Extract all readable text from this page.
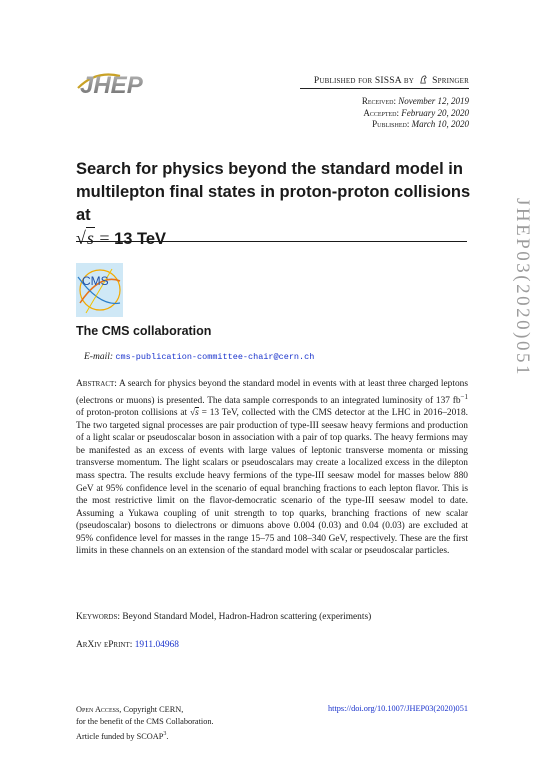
JHEP	Published for SISSA by Springer
Received: November 12, 2019
Accepted: February 20, 2020
Published: March 10, 2020
Search for physics beyond the standard model in
multilepton final states in proton-proton collisions at
√s = 13 TeV	JHEP03(2020)051
CMS
The CMS collaboration
E-mail: cms-publication-committee-chair@cern.ch
Abstract: A search for physics beyond the standard model in events with at least three charged leptons (electrons or muons) is presented. The data sample corresponds to an integrated luminosity of 137 $fb^{-1}$ of proton-proton collisions at √s = 13 TeV, collected with the CMS detector at the LHC in 2016–2018. The two targeted signal processes are pair production of type-III seesaw heavy fermions and production of a light scalar or pseudoscalar boson in association with a pair of top quarks. The heavy fermions may be manifested as an excess of events with large values of leptonic transverse momenta or missing transverse momentum. The light scalars or pseudoscalars may create a localized excess in the dilepton mass spectra. The results exclude heavy fermions of the type-III seesaw model for masses below 880 GeV at 95% confidence level in the scenario of equal branching fractions to each lepton flavor. This is the most restrictive limit on the flavor-democratic scenario of the type-III seesaw model to date. Assuming a Yukawa coupling of unit strength to top quarks, branching fractions of new scalar (pseudoscalar) bosons to dielectrons or dimuons above 0.004 (0.03) and 0.04 (0.03) are excluded at 95% confidence level for masses in the range 15–75 and 108–340 GeV, respectively. These are the first limits in these channels on an extension of the standard model with scalar or pseudoscalar particles.
Keywords: Beyond Standard Model, Hadron-Hadron scattering (experiments)
ArXiv ePrint: 1911.04968
Open Access, Copyright CERN,
for the benefit of the CMS Collaboration.
Article funded by SCOAP$^3$.
https://doi.org/10.1007/JHEP03(2020)051
